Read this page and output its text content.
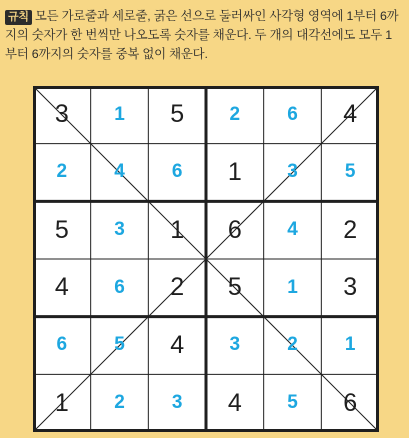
규칙 모든 가로줄과 세로줄, 굵은 선으로 둘러싸인 사각형 영역에 1부터 6까지의 숫자가 한 번씩만 나오도록 숫자를 채운다. 두 개의 대각선에도 모두 1부터 6까지의 숫자를 중복 없이 채운다.
3 1 5 2 6 4
2 4 6 1 3 5
5 3 1 6 4 2
4 6 2 5 1 3
6 5 4 3 2 1
1 2 3 4 5 6
